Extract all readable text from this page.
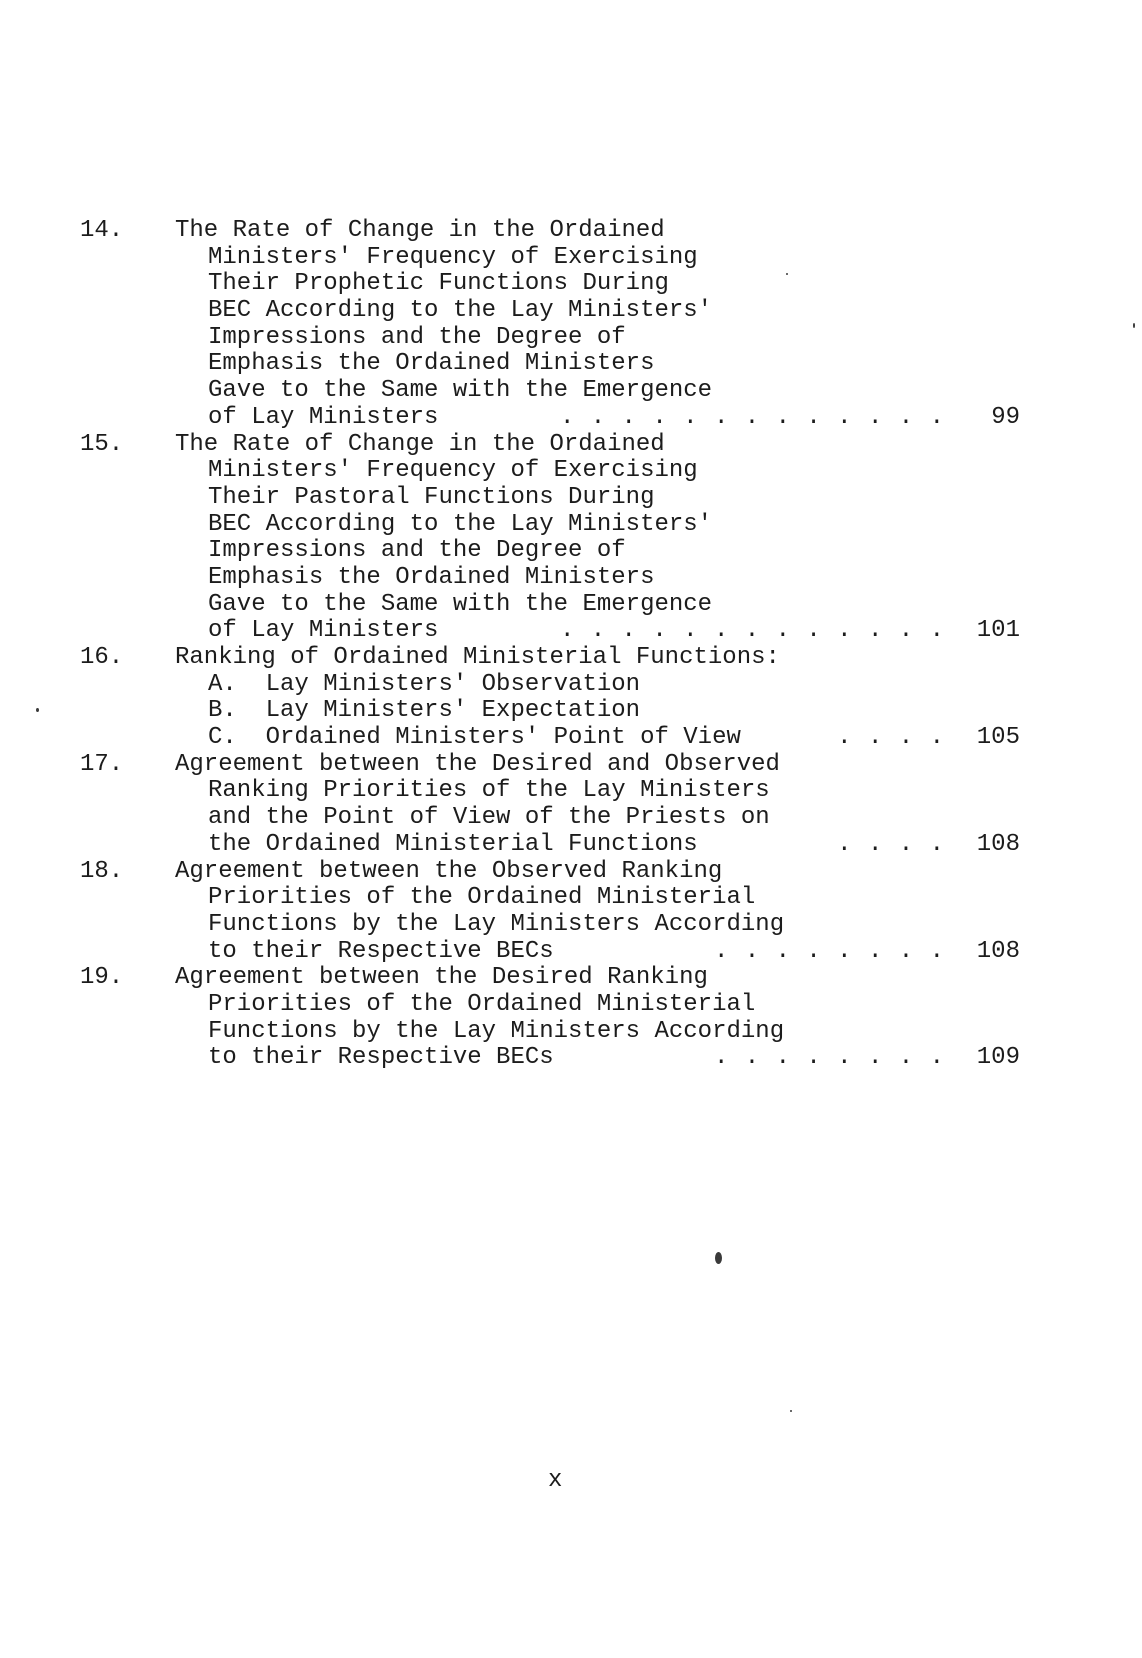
14. The Rate of Change in the Ordained
Ministers' Frequency of Exercising
Their Prophetic Functions During
BEC According to the Lay Ministers'
Impressions and the Degree of
Emphasis the Ordained Ministers
Gave to the Same with the Emergence
of Lay Ministers	. . . . . . . . . . . . . 99
15. The Rate of Change in the Ordained
Ministers' Frequency of Exercising
Their Pastoral Functions During
BEC According to the Lay Ministers'
Impressions and the Degree of
Emphasis the Ordained Ministers
Gave to the Same with the Emergence
of Lay Ministers	. . . . . . . . . . . . . 101
16. Ranking of Ordained Ministerial Functions:
A.  Lay Ministers' Observation
B.  Lay Ministers' Expectation
C.  Ordained Ministers' Point of View	. . . . 105
17. Agreement between the Desired and Observed
Ranking Priorities of the Lay Ministers
and the Point of View of the Priests on
the Ordained Ministerial Functions	. . . . 108
18. Agreement between the Observed Ranking
Priorities of the Ordained Ministerial
Functions by the Lay Ministers According
to their Respective BECs	. . . . . . . . 108
19. Agreement between the Desired Ranking
Priorities of the Ordained Ministerial
Functions by the Lay Ministers According
to their Respective BECs	. . . . . . . . 109
x
